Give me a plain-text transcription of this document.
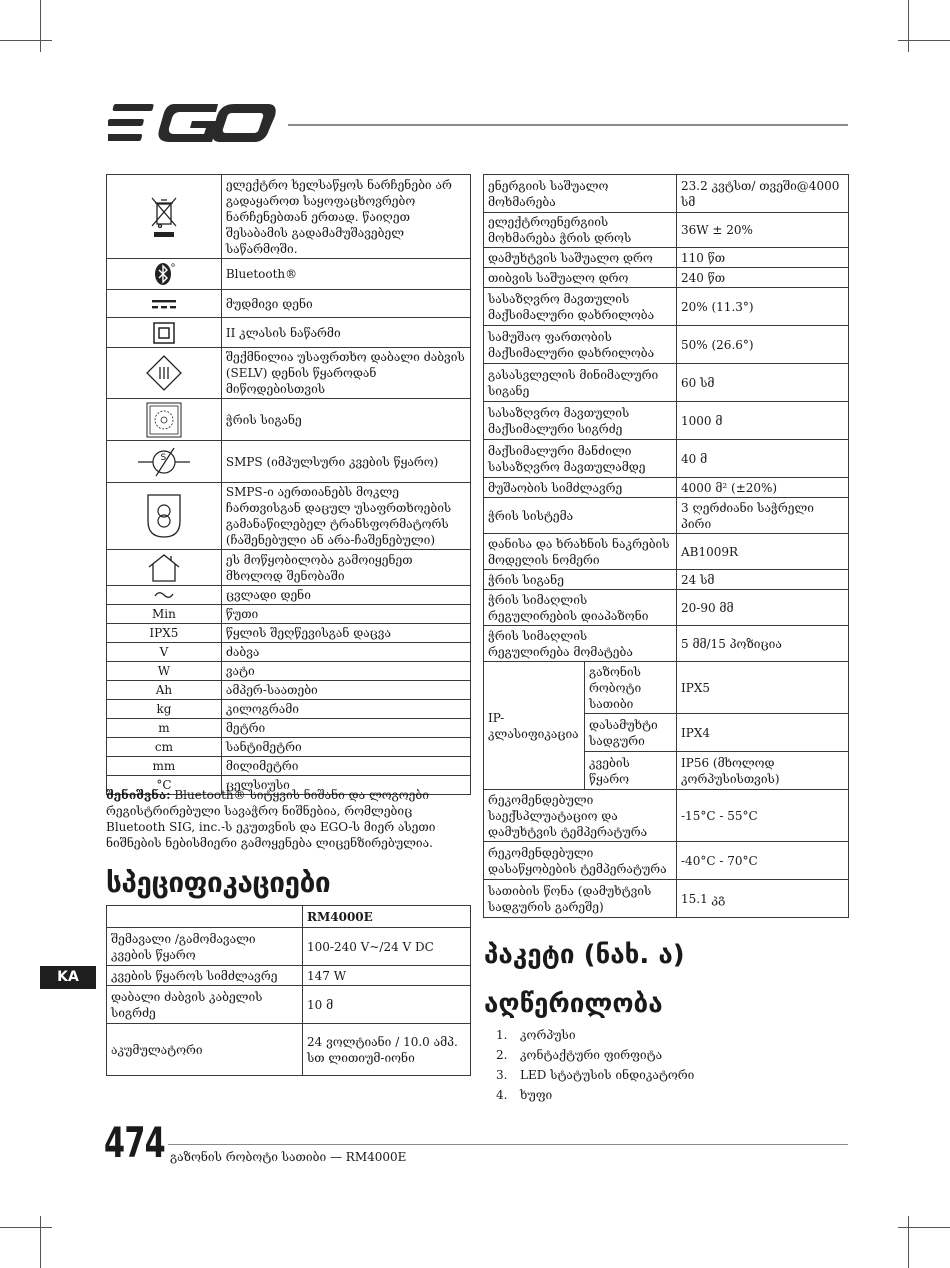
	ელექტრო ხელსაწყოს ნარჩენები არ გადაყაროთ საყოფაცხოვრებო ნარჩენებთან ერთად. წაიღეთ შესაბამის გადამამუშავებელ საწარმოში.

	Bluetooth®

	მუდმივი დენი

	II კლასის ნაწარმი

	შექმნილია უსაფრთხო დაბალი ძაბვის (SELV) დენის წყაროდან მიწოდებისთვის

	ჭრის სიგანე

S	SMPS (იმპულსური კვების წყარო)

	SMPS-ი აერთიანებს მოკლე ჩართვისგან დაცულ უსაფრთხოების გამანაწილებელ ტრანსფორმატორს (ჩაშენებული ან არა-ჩაშენებული)

	ეს მოწყობილობა გამოიყენეთ მხოლოდ შენობაში

	ცვლადი დენი
Min	წუთი
IPX5	წყლის შეღწევისგან დაცვა
V	ძაბვა
W	ვატი
Ah	ამპერ-საათები
kg	კილოგრამი
m	მეტრი
cm	სანტიმეტრი
mm	მილიმეტრი
°C	ცელსიუსი
შენიშვნა: Bluetooth® სიტყვის ნიშანი და ლოგოები რეგისტრირებული სავაჭრო ნიშნებია, რომლებიც Bluetooth SIG, inc.-ს ეკუთვნის და EGO-ს მიერ ასეთი ნიშნების ნებისმიერი გამოყენება ლიცენზირებულია.
სპეციფიკაციები
	RM4000E
შემავალი /გამომავალი კვების წყარო	100-240 V~/24 V DC
კვების წყაროს სიმძლავრე	147 W
დაბალი ძაბვის კაბელის სიგრძე	10 მ
აკუმულატორი	24 ვოლტიანი / 10.0 ამპ. სთ ლითიუმ-იონი
ენერგიის საშუალო მოხმარება		23.2 კვტსთ/ თვეში@4000 სმ
ელექტროენერგიის მოხმარება ჭრის დროს		36W ± 20%
დამუხტვის საშუალო დრო		110 წთ
თიბვის საშუალო დრო		240 წთ
სასაზღვრო მავთულის მაქსიმალური დახრილობა		20% (11.3°)
სამუშაო ფართობის მაქსიმალური დახრილობა		50% (26.6°)
გასასვლელის მინიმალური სიგანე		60 სმ
სასაზღვრო მავთულის მაქსიმალური სიგრძე		1000 მ
მაქსიმალური მანძილი სასაზღვრო მავთულამდე		40 მ
მუშაობის სიმძლავრე		4000 მ² (±20%)
ჭრის სისტემა		3 ღერძიანი საჭრელი პირი
დანისა და ხრახნის ნაკრების მოდელის ნომერი		AB1009R
ჭრის სიგანე		24 სმ
ჭრის სიმაღლის რეგულირების დიაპაზონი		20-90 მმ
ჭრის სიმაღლის რეგულირება მომატება		5 მმ/15 პოზიცია
IP-კლასიფიკაცია	გაზონის რობოტი სათიბი	IPX5
	დასამუხტი სადგური	IPX4
	კვების წყარო	IP56 (მხოლოდ კორპუსისთვის)
რეკომენდებული საექსპლუატაციო და დამუხტვის ტემპერატურა		-15°C - 55°C
რეკომენდებული დასაწყობების ტემპერატურა		-40°C - 70°C
სათიბის წონა (დამუხტვის სადგურის გარეშე)		15.1 კგ
პაკეტი (ნახ. ა)
აღწერილობა
1. კორპუსი
2. კონტაქტური ფირფიტა
3. LED სტატუსის ინდიკატორი
4. ხუფი
KA
474 გაზონის რობოტი სათიბი — RM4000E
